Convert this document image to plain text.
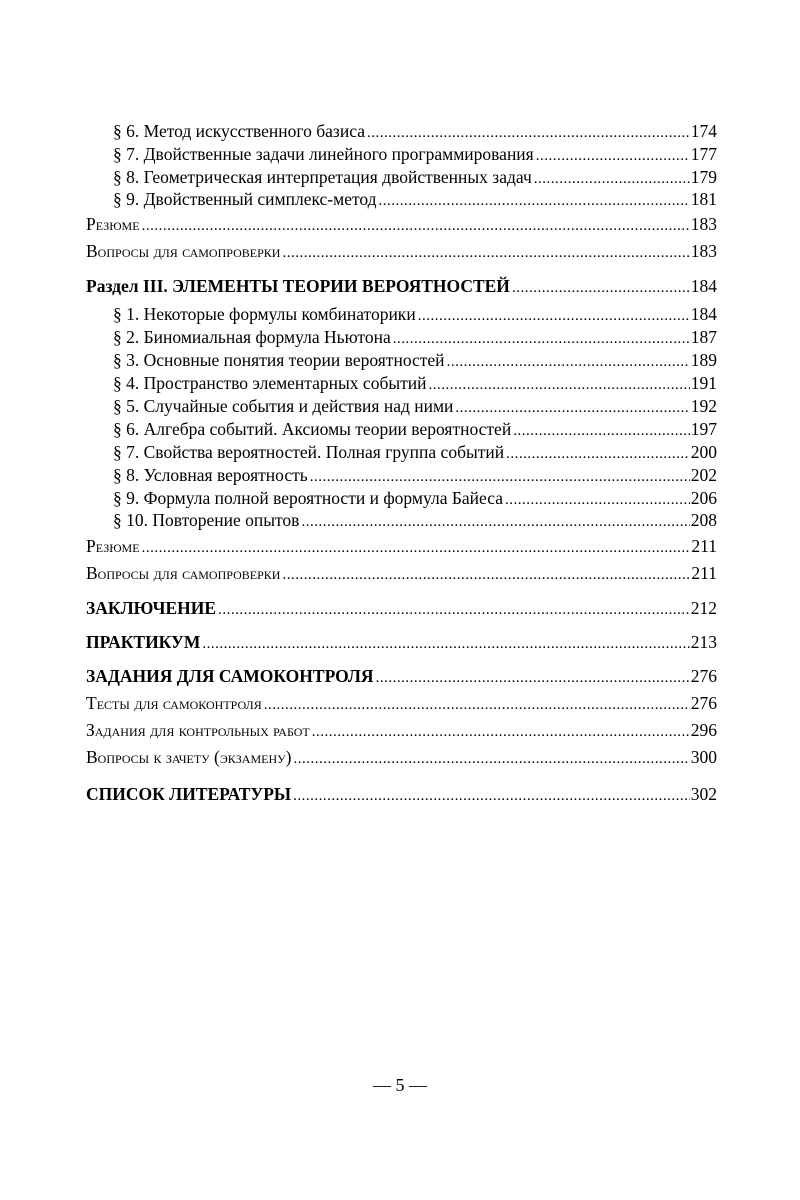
§ 6. Метод искусственного базиса .....	174
§ 7. Двойственные задачи линейного программирования .....	177
§ 8. Геометрическая интерпретация двойственных задач .....	179
§ 9. Двойственный симплекс-метод .....	181
Резюме .....	183
Вопросы для самопроверки .....	183
Раздел III. ЭЛЕМЕНТЫ ТЕОРИИ ВЕРОЯТНОСТЕЙ .....	184
§ 1. Некоторые формулы комбинаторики .....	184
§ 2. Биномиальная формула Ньютона .....	187
§ 3. Основные понятия теории вероятностей .....	189
§ 4. Пространство элементарных событий .....	191
§ 5. Случайные события и действия над ними .....	192
§ 6. Алгебра событий. Аксиомы теории вероятностей .....	197
§ 7. Свойства вероятностей. Полная группа событий .....	200
§ 8. Условная вероятность .....	202
§ 9. Формула полной вероятности и формула Байеса .....	206
§ 10. Повторение опытов .....	208
Резюме .....	211
Вопросы для самопроверки .....	211
ЗАКЛЮЧЕНИЕ .....	212
ПРАКТИКУМ .....	213
ЗАДАНИЯ ДЛЯ САМОКОНТРОЛЯ .....	276
Тесты для самоконтроля .....	276
Задания для контрольных работ .....	296
Вопросы к зачету (экзамену) .....	300
СПИСОК ЛИТЕРАТУРЫ .....	302
— 5 —
